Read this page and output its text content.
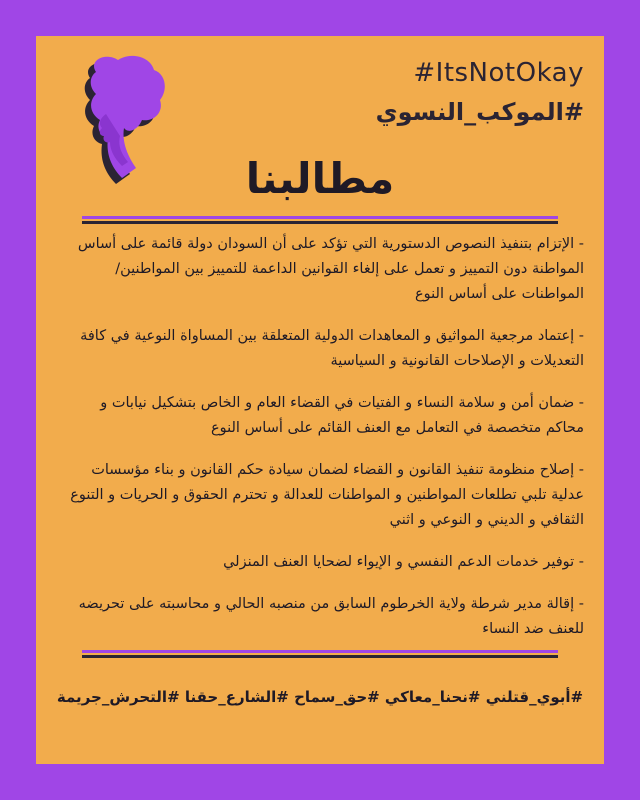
#ItsNotOkay
#الموكب_النسوي
مطالبنا
- الإتزام بتنفيذ النصوص الدستورية التي تؤكد على أن السودان دولة قائمة على أساس المواطنة دون التمييز و تعمل على إلغاء القوانين الداعمة للتمييز بين المواطنين/المواطنات على أساس النوع
- إعتماد مرجعية المواثيق و المعاهدات الدولية المتعلقة بين المساواة النوعية في كافة التعديلات و الإصلاحات القانونية و السياسية
- ضمان أمن و سلامة النساء و الفتيات في القضاء العام و الخاص بتشكيل نيابات و محاكم متخصصة في التعامل مع العنف القائم على أساس النوع
- إصلاح منظومة تنفيذ القانون و القضاء لضمان سيادة حكم القانون و بناء مؤسسات عدلية تلبي تطلعات المواطنين و المواطنات للعدالة و تحترم الحقوق و الحريات و التنوع الثقافي و الديني و النوعي و اثني
- توفير خدمات الدعم النفسي و الإيواء لضحايا العنف المنزلي
- إقالة مدير شرطة ولاية الخرطوم السابق من منصبه الحالي و محاسبته على تحريضه للعنف ضد النساء
#أبوي_قتلني #نحنا_معاكي #حق_سماح #الشارع_حقنا #التحرش_جريمة
